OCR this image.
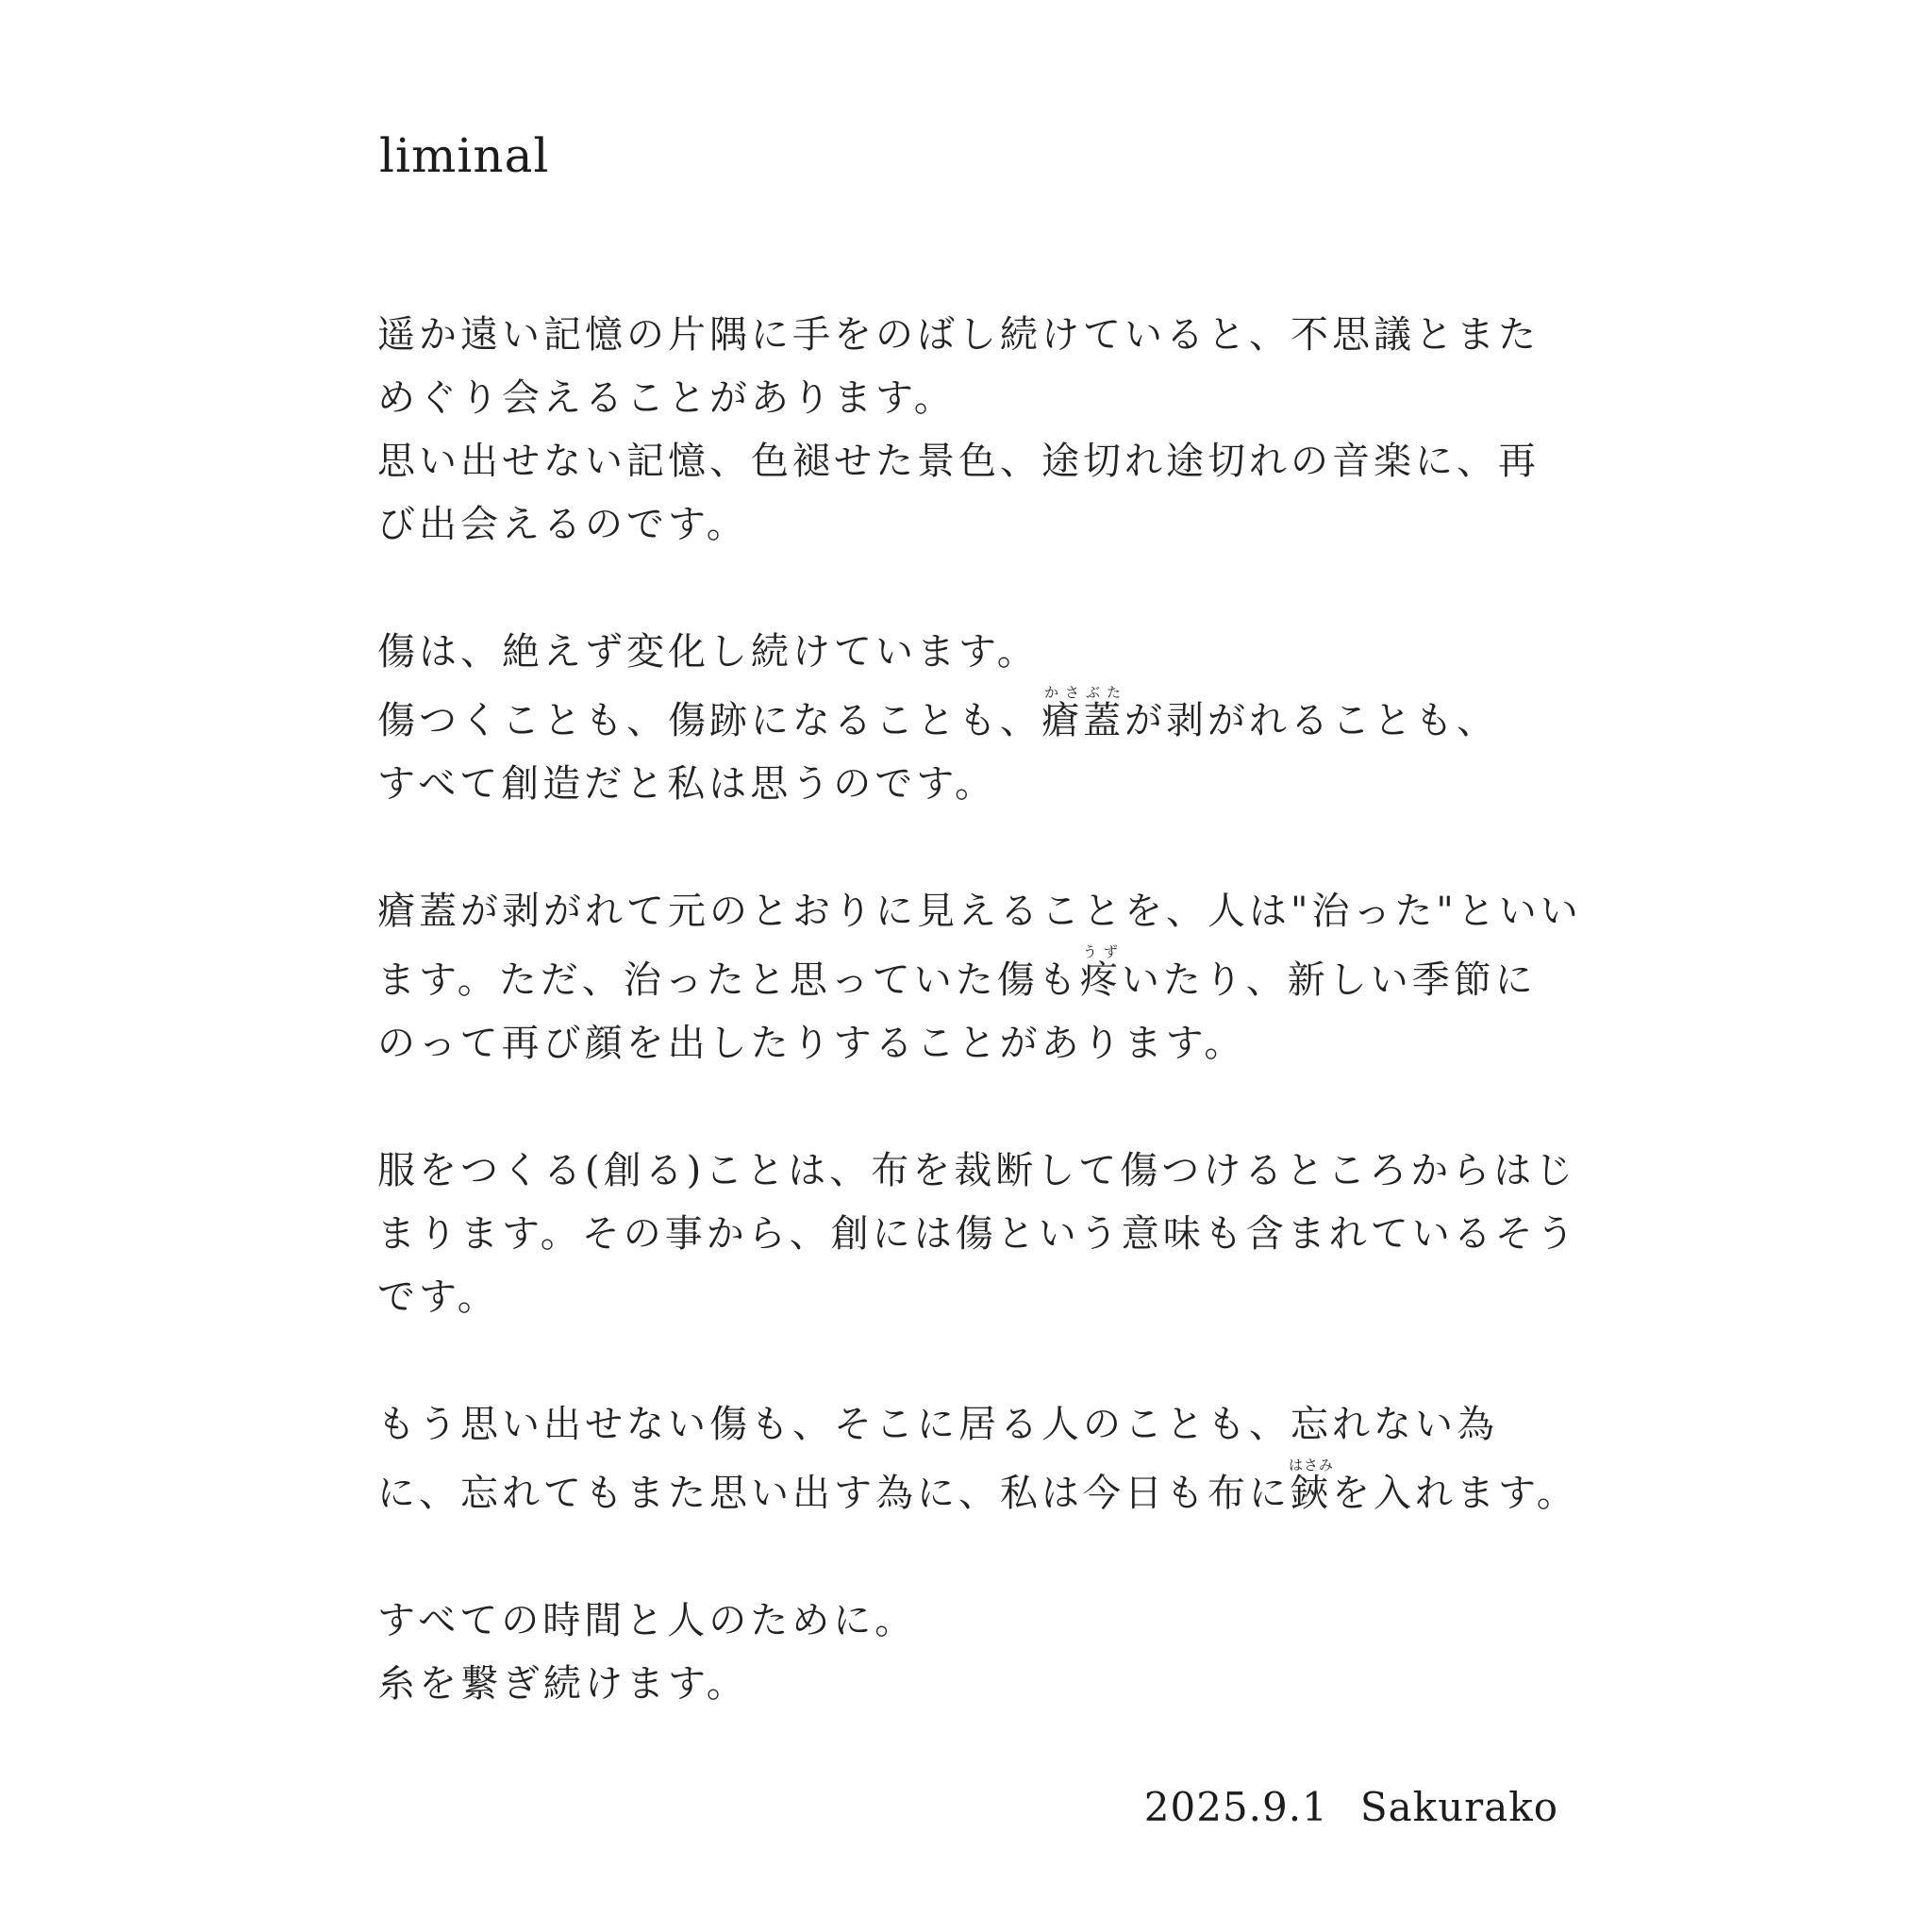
liminal

遥か遠い記憶の片隅に手をのばし続けていると、不思議とまた
めぐり会えることがあります。
思い出せない記憶、色褪せた景色、途切れ途切れの音楽に、再
び出会えるのです。

傷は、絶えず変化し続けています。
傷つくことも、傷跡になることも、瘡蓋かさぶたが剥がれることも、
すべて創造だと私は思うのです。

瘡蓋が剥がれて元のとおりに見えることを、人は"治った"といい
ます。ただ、治ったと思っていた傷も疼うずいたり、新しい季節に
のって再び顔を出したりすることがあります。

服をつくる(創る)ことは、布を裁断して傷つけるところからはじ
まります。その事から、創には傷という意味も含まれているそう
です。

もう思い出せない傷も、そこに居る人のことも、忘れない為
に、忘れてもまた思い出す為に、私は今日も布に鋏はさみを入れます。

すべての時間と人のために。
糸を繋ぎ続けます。

2025.9.1 Sakurako
